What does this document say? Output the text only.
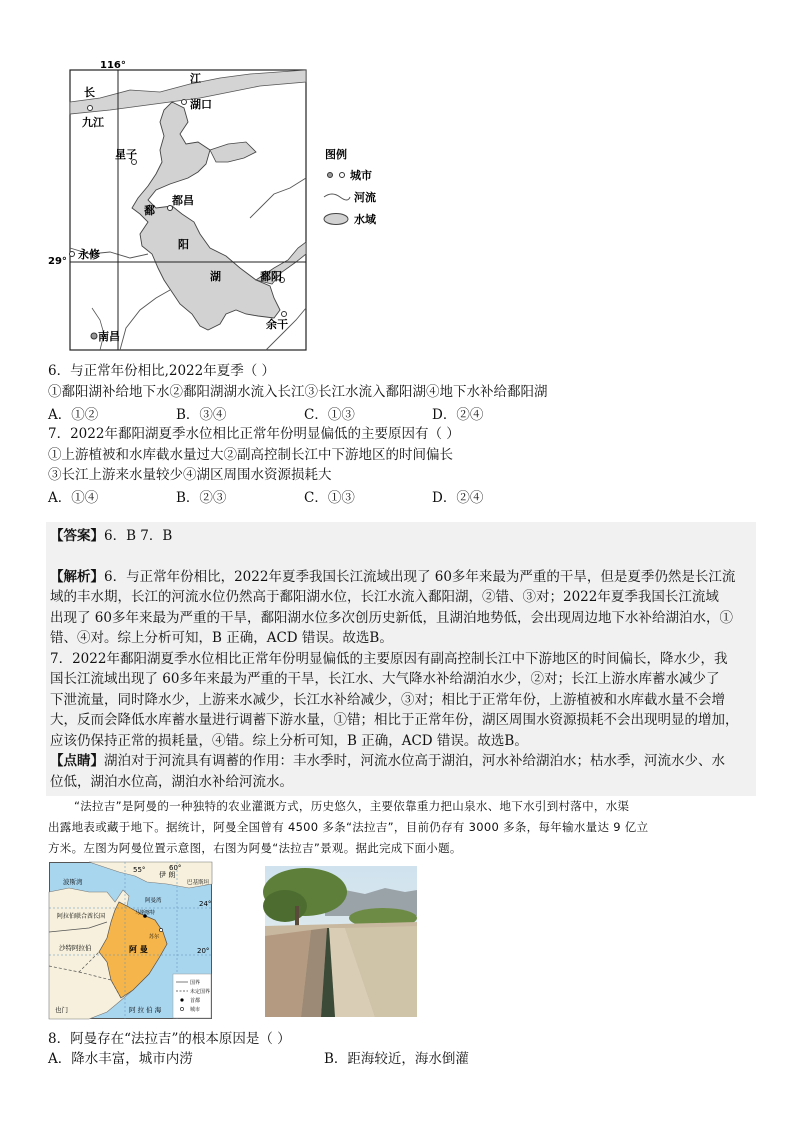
116°
29°
长
江
湖口
九江
星子
都昌
鄱
阳
湖
永修
鄱阳
余干
南昌
图例
城市
河流
水域
6．与正常年份相比,2022年夏季（ ）
①鄱阳湖补给地下水②鄱阳湖湖水流入长江③长江水流入鄱阳湖④地下水补给鄱阳湖
A．①②	B．③④	C．①③	D．②④
7．2022年鄱阳湖夏季水位相比正常年份明显偏低的主要原因有（ ）
①上游植被和水库截水量过大②副高控制长江中下游地区的时间偏长
③长江上游来水量较少④湖区周围水资源损耗大
A．①④	B．②③	C．①③	D．②④

【答案】6．B 7．B

【解析】6．与正常年份相比，2022年夏季我国长江流域出现了 60多年来最为严重的干旱，但是夏季仍然是长江流

域的丰水期，长江的河流水位仍然高于鄱阳湖水位，长江水流入鄱阳湖，②错、③对；2022年夏季我国长江流域

出现了 60多年来最为严重的干旱，鄱阳湖水位多次创历史新低，且湖泊地势低，会出现周边地下水补给湖泊水，①

错、④对。综上分析可知，B 正确，ACD 错误。故选B。

7．2022年鄱阳湖夏季水位相比正常年份明显偏低的主要原因有副高控制长江中下游地区的时间偏长，降水少，我

国长江流域出现了 60多年来最为严重的干旱，长江水、大气降水补给湖泊水少，②对；长江上游水库蓄水减少了

下泄流量，同时降水少，上游来水减少，长江水补给减少，③对；相比于正常年份，上游植被和水库截水量不会增

大，反而会降低水库蓄水量进行调蓄下游水量，①错；相比于正常年份，湖区周围水资源损耗不会出现明显的增加，

应该仍保持正常的损耗量，④错。综上分析可知，B 正确，ACD 错误。故选B。

【点睛】湖泊对于河流具有调蓄的作用：丰水季时，河流水位高于湖泊，河水补给湖泊水；枯水季，河流水少、水

位低，湖泊水位高，湖泊水补给河流水。

“法拉吉”是阿曼的一种独特的农业灌溉方式，历史悠久，主要依靠重力把山泉水、地下水引到村落中，水渠
出露地表或藏于地下。据统计，阿曼全国曾有 4500 多条“法拉吉”，目前仍存有 3000 多条，每年输水量达 9 亿立
方米。左图为阿曼位置示意图，右图为阿曼“法拉吉”景观。据此完成下面小题。
55°	60°
24°
20°
伊 朗
巴基斯坦
波斯湾
阿曼湾
阿拉伯联合酋长国
沙特阿拉伯	阿 曼
也门	阿 拉 伯 海
马斯喀特
苏尔
国界
未定国界
首都
城市
8．阿曼存在“法拉吉”的根本原因是（ ）
A．降水丰富，城市内涝	B．距海较近，海水倒灌
